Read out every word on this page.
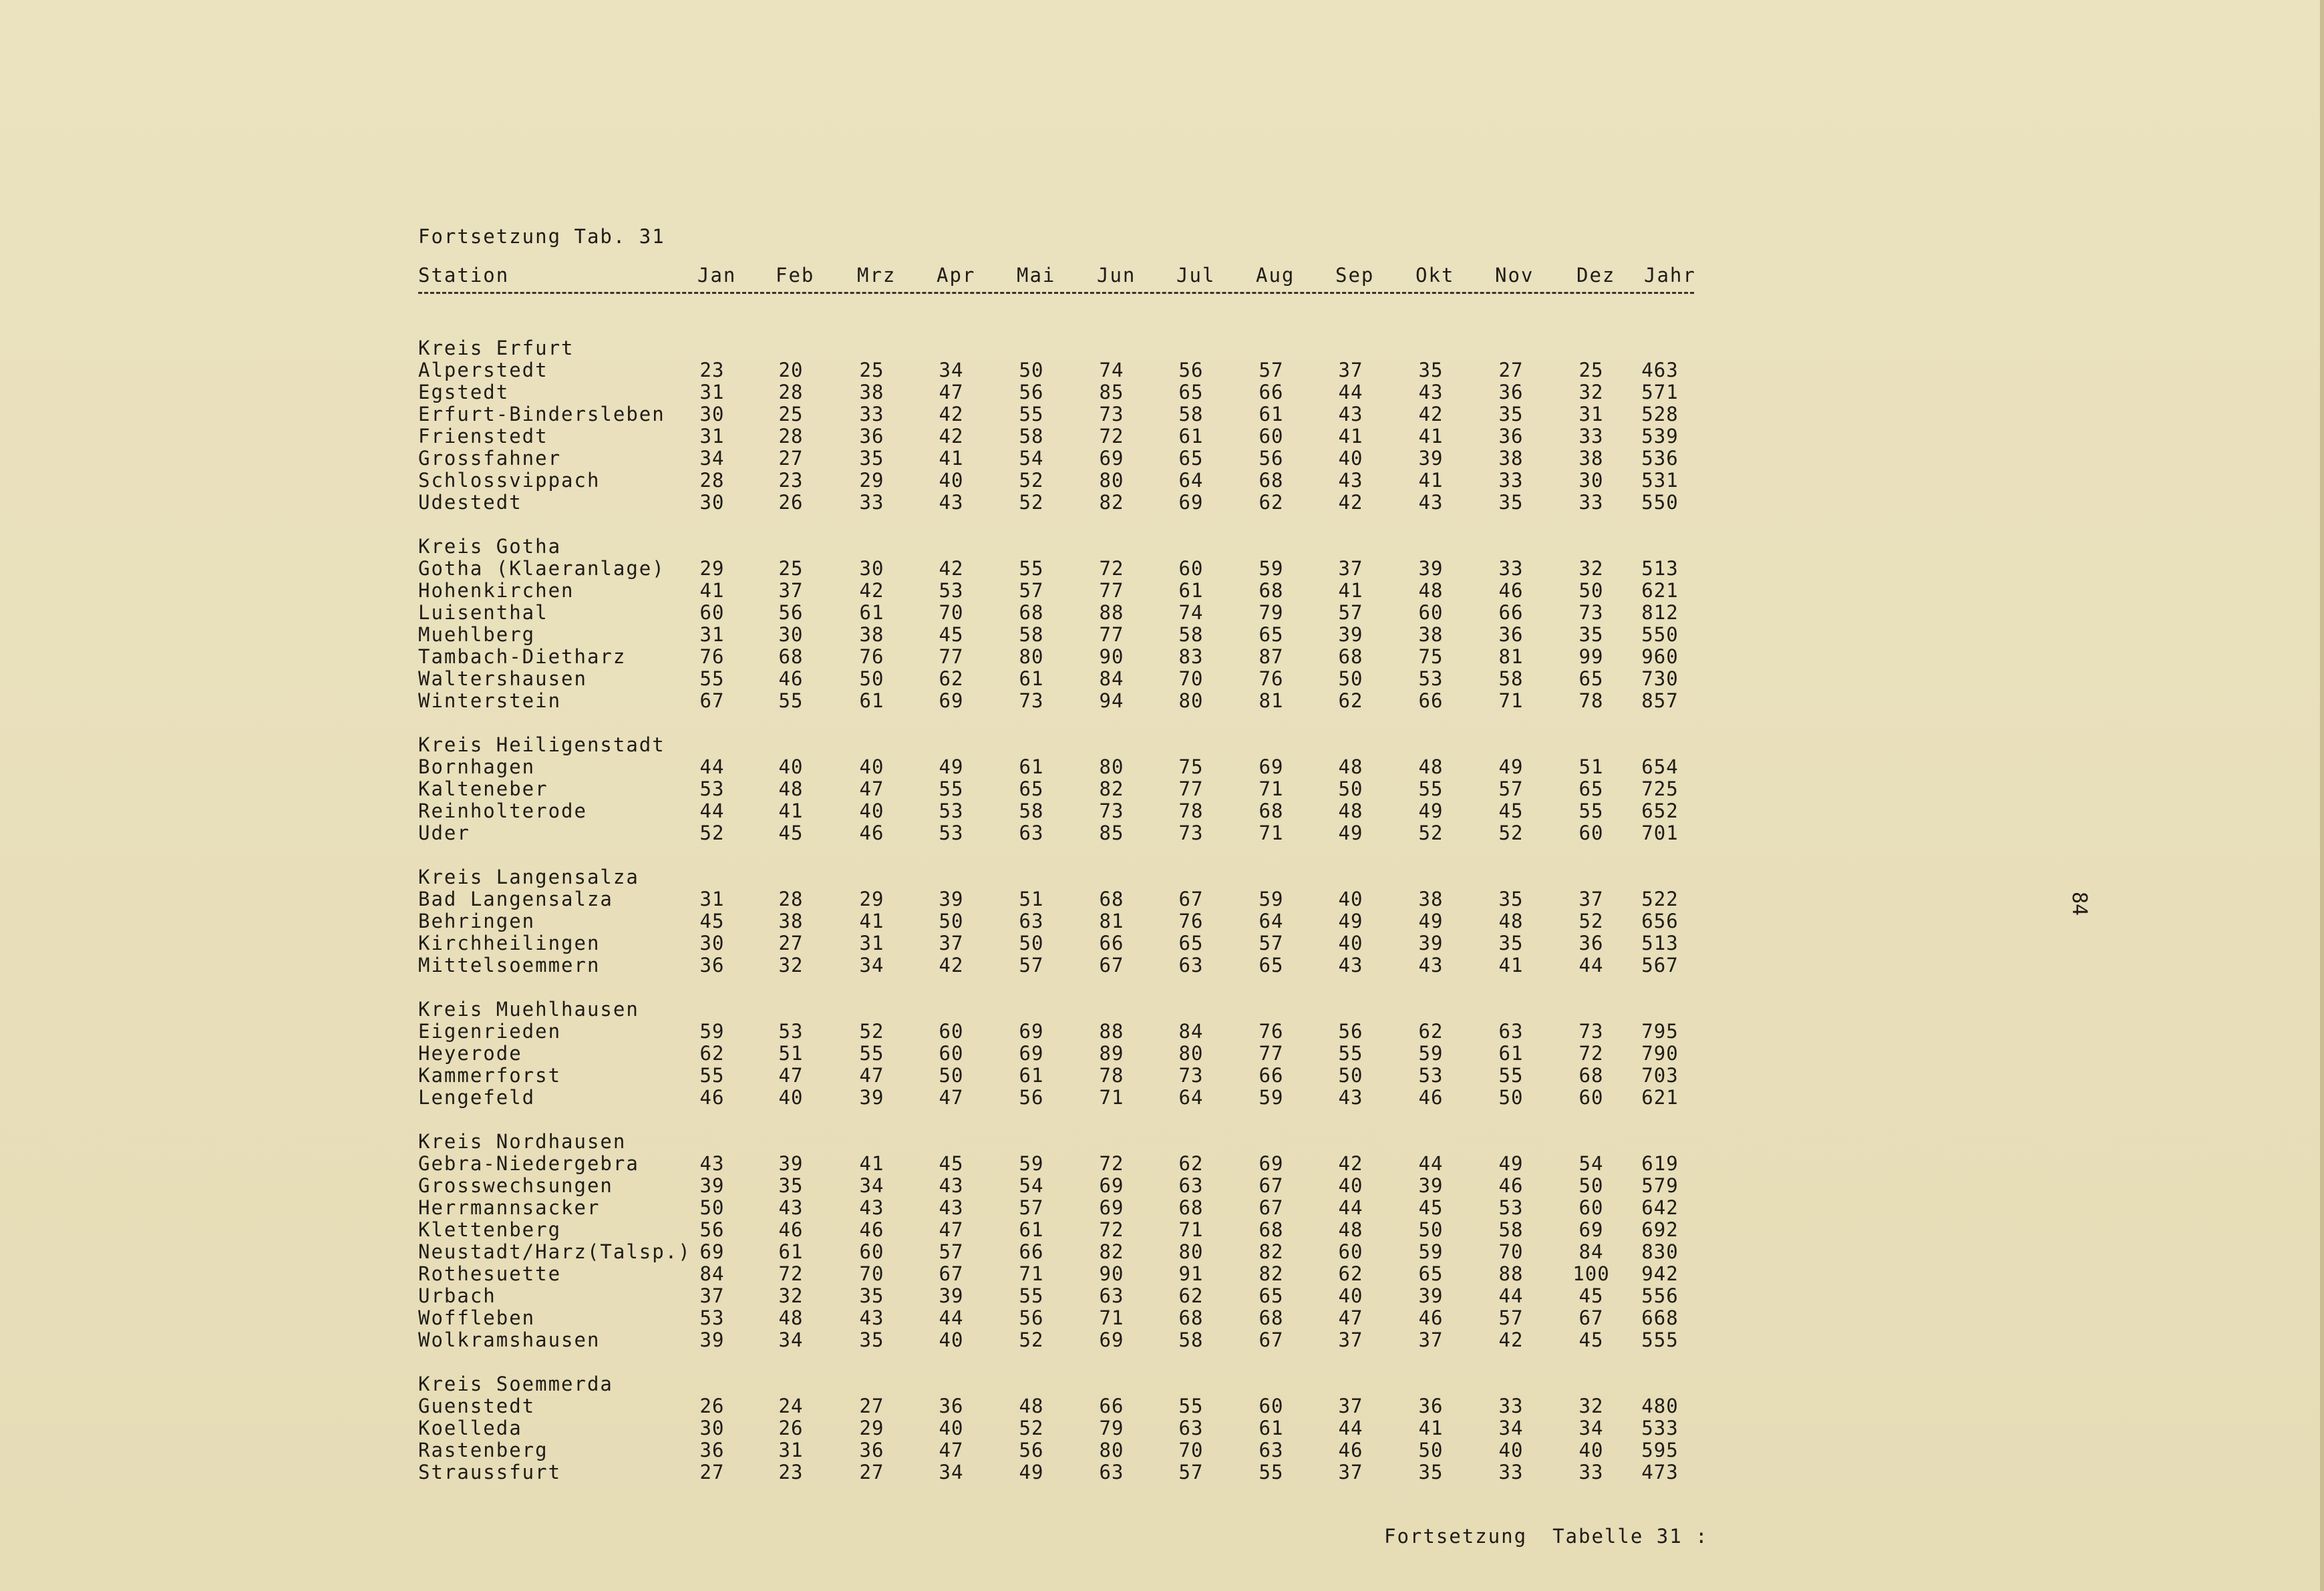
Fortsetzung Tab. 31
Station	Jan Feb Mrz Apr Mai Jun Jul Aug Sep Okt Nov Dez Jahr
Kreis Erfurt
Alperstedt	23	20	25	34	50	74	56	57	37	35	27	25	463
Egstedt	31	28	38	47	56	85	65	66	44	43	36	32	571
Erfurt-Bindersleben	30	25	33	42	55	73	58	61	43	42	35	31	528
Frienstedt	31	28	36	42	58	72	61	60	41	41	36	33	539
Grossfahner	34	27	35	41	54	69	65	56	40	39	38	38	536
Schlossvippach	28	23	29	40	52	80	64	68	43	41	33	30	531
Udestedt	30	26	33	43	52	82	69	62	42	43	35	33	550
Kreis Gotha
Gotha (Klaeranlage)	29	25	30	42	55	72	60	59	37	39	33	32	513
Hohenkirchen	41	37	42	53	57	77	61	68	41	48	46	50	621
Luisenthal	60	56	61	70	68	88	74	79	57	60	66	73	812
Muehlberg	31	30	38	45	58	77	58	65	39	38	36	35	550
Tambach-Dietharz	76	68	76	77	80	90	83	87	68	75	81	99	960
Waltershausen	55	46	50	62	61	84	70	76	50	53	58	65	730
Winterstein	67	55	61	69	73	94	80	81	62	66	71	78	857
Kreis Heiligenstadt
Bornhagen	44	40	40	49	61	80	75	69	48	48	49	51	654
Kalteneber	53	48	47	55	65	82	77	71	50	55	57	65	725
Reinholterode	44	41	40	53	58	73	78	68	48	49	45	55	652
Uder	52	45	46	53	63	85	73	71	49	52	52	60	701
Kreis Langensalza
Bad Langensalza	31	28	29	39	51	68	67	59	40	38	35	37	522
Behringen	45	38	41	50	63	81	76	64	49	49	48	52	656
Kirchheilingen	30	27	31	37	50	66	65	57	40	39	35	36	513
Mittelsoemmern	36	32	34	42	57	67	63	65	43	43	41	44	567
Kreis Muehlhausen
Eigenrieden	59	53	52	60	69	88	84	76	56	62	63	73	795
Heyerode	62	51	55	60	69	89	80	77	55	59	61	72	790
Kammerforst	55	47	47	50	61	78	73	66	50	53	55	68	703
Lengefeld	46	40	39	47	56	71	64	59	43	46	50	60	621
Kreis Nordhausen
Gebra-Niedergebra	43	39	41	45	59	72	62	69	42	44	49	54	619
Grosswechsungen	39	35	34	43	54	69	63	67	40	39	46	50	579
Herrmannsacker	50	43	43	43	57	69	68	67	44	45	53	60	642
Klettenberg	56	46	46	47	61	72	71	68	48	50	58	69	692
Neustadt/Harz(Talsp.) 69	61	60	57	66	82	80	82	60	59	70	84	830
Rothesuette	84	72	70	67	71	90	91	82	62	65	88	100	942
Urbach	37	32	35	39	55	63	62	65	40	39	44	45	556
Woffleben	53	48	43	44	56	71	68	68	47	46	57	67	668
Wolkramshausen	39	34	35	40	52	69	58	67	37	37	42	45	555
Kreis Soemmerda
Guenstedt	26	24	27	36	48	66	55	60	37	36	33	32	480
Koelleda	30	26	29	40	52	79	63	61	44	41	34	34	533
Rastenberg	36	31	36	47	56	80	70	63	46	50	40	40	595
Straussfurt	27	23	27	34	49	63	57	55	37	35	33	33	473
84
Fortsetzung Tabelle 31 :
